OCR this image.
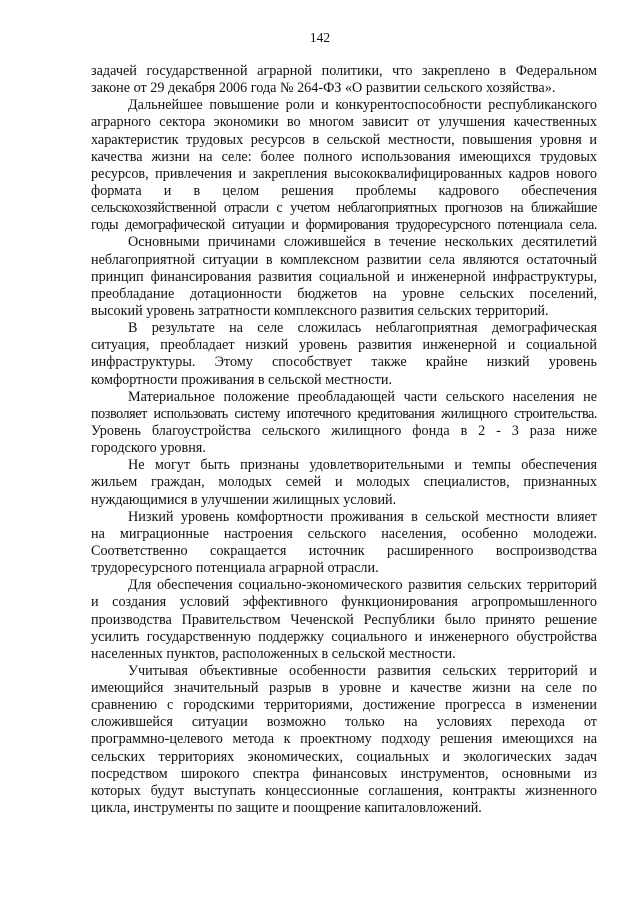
142
задачей государственной аграрной политики, что закреплено в Федеральном
законе от 29 декабря 2006 года № 264-ФЗ «О развитии сельского хозяйства».
Дальнейшее повышение роли и конкурентоспособности республиканского
аграрного сектора экономики во многом зависит от улучшения качественных
характеристик трудовых ресурсов в сельской местности, повышения уровня и
качества жизни на селе: более полного использования имеющихся трудовых
ресурсов, привлечения и закрепления высококвалифицированных кадров нового
формата и в целом решения проблемы кадрового обеспечения
сельскохозяйственной отрасли с учетом неблагоприятных прогнозов на ближайшие
годы демографической ситуации и формирования трудоресурсного потенциала села.
Основными причинами сложившейся в течение нескольких десятилетий
неблагоприятной ситуации в комплексном развитии села являются остаточный
принцип финансирования развития социальной и инженерной инфраструктуры,
преобладание дотационности бюджетов на уровне сельских поселений,
высокий уровень затратности комплексного развития сельских территорий.
В результате на селе сложилась неблагоприятная демографическая
ситуация, преобладает низкий уровень развития инженерной и социальной
инфраструктуры. Этому способствует также крайне низкий уровень
комфортности проживания в сельской местности.
Материальное положение преобладающей части сельского населения не
позволяет использовать систему ипотечного кредитования жилищного строительства.
Уровень благоустройства сельского жилищного фонда в 2 - 3 раза ниже
городского уровня.
Не могут быть признаны удовлетворительными и темпы обеспечения
жильем граждан, молодых семей и молодых специалистов, признанных
нуждающимися в улучшении жилищных условий.
Низкий уровень комфортности проживания в сельской местности влияет
на миграционные настроения сельского населения, особенно молодежи.
Соответственно сокращается источник расширенного воспроизводства
трудоресурсного потенциала аграрной отрасли.
Для обеспечения социально-экономического развития сельских территорий
и создания условий эффективного функционирования агропромышленного
производства Правительством Чеченской Республики было принято решение
усилить государственную поддержку социального и инженерного обустройства
населенных пунктов, расположенных в сельской местности.
Учитывая объективные особенности развития сельских территорий и
имеющийся значительный разрыв в уровне и качестве жизни на селе по
сравнению с городскими территориями, достижение прогресса в изменении
сложившейся ситуации возможно только на условиях перехода от
программно-целевого метода к проектному подходу решения имеющихся на
сельских территориях экономических, социальных и экологических задач
посредством широкого спектра финансовых инструментов, основными из
которых будут выступать концессионные соглашения, контракты жизненного
цикла, инструменты по защите и поощрение капиталовложений.
